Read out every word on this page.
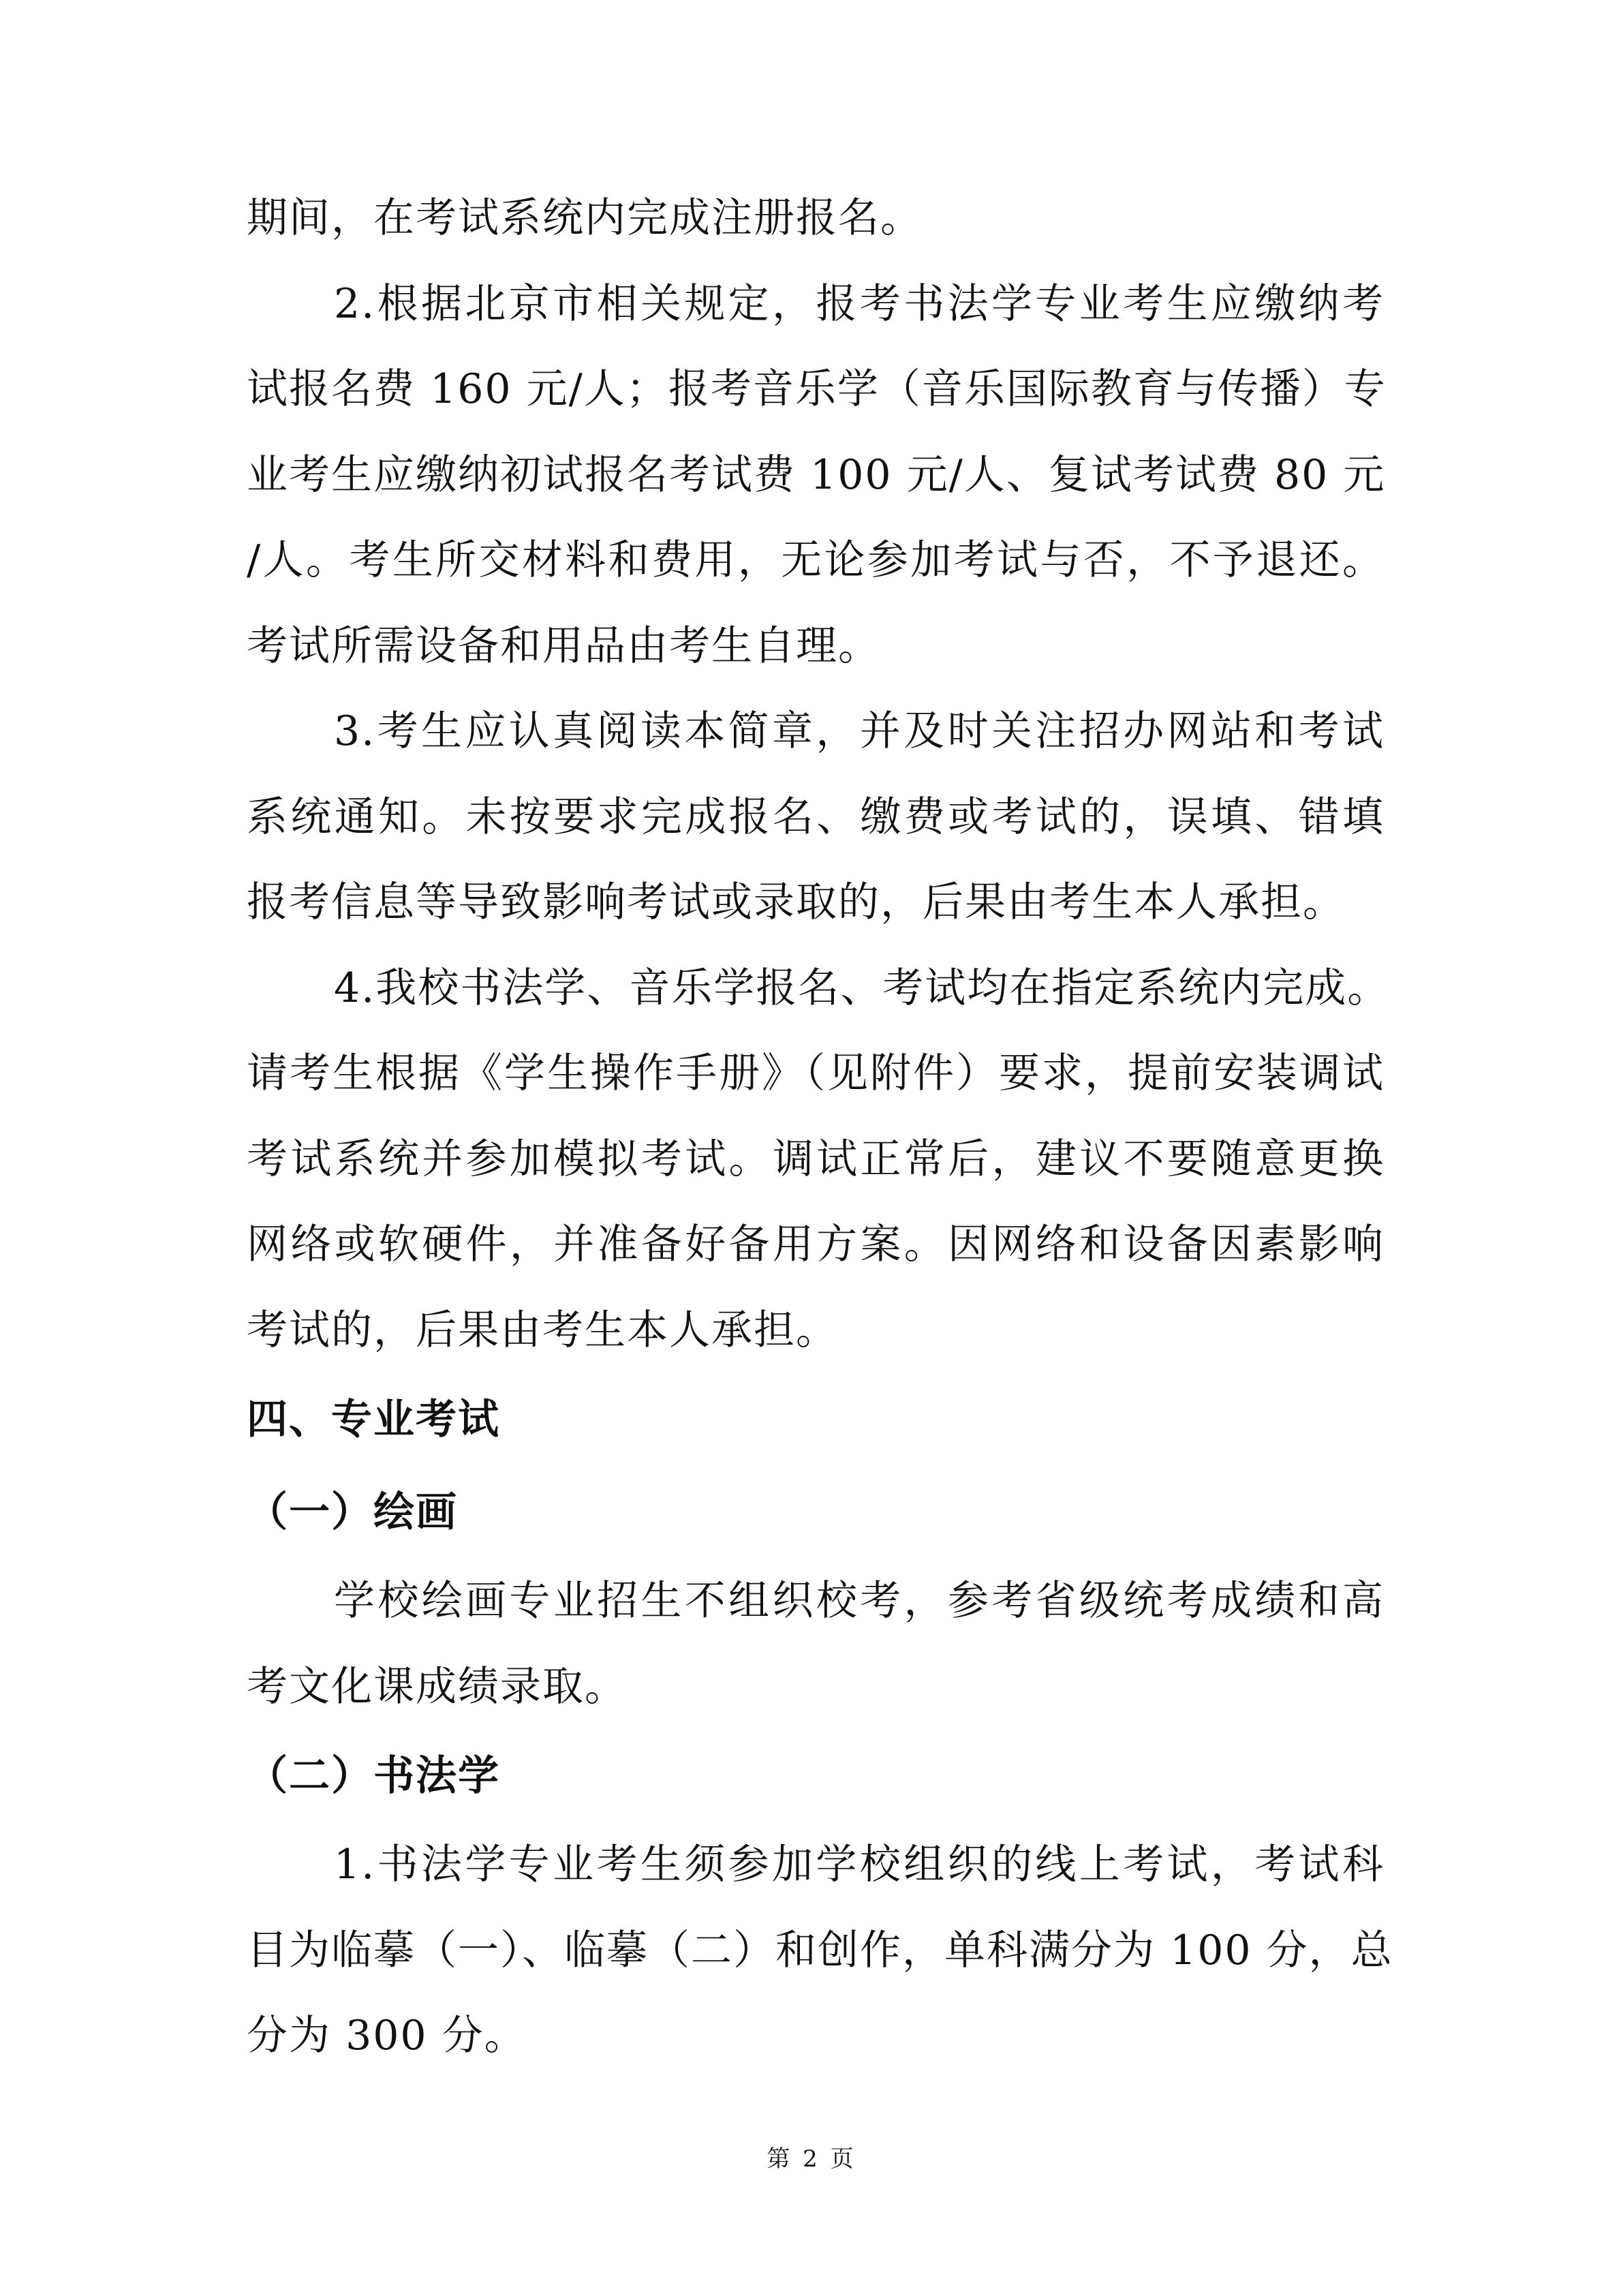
期间，在考试系统内完成注册报名。

2.根据北京市相关规定，报考书法学专业考生应缴纳考
试报名费 160 元/人；报考音乐学（音乐国际教育与传播）专
业考生应缴纳初试报名考试费 100 元/人、复试考试费 80 元
/人。考生所交材料和费用，无论参加考试与否，不予退还。
考试所需设备和用品由考生自理。

3.考生应认真阅读本简章，并及时关注招办网站和考试
系统通知。未按要求完成报名、缴费或考试的，误填、错填
报考信息等导致影响考试或录取的，后果由考生本人承担。

4.我校书法学、音乐学报名、考试均在指定系统内完成。
请考生根据《学生操作手册》（见附件）要求，提前安装调试
考试系统并参加模拟考试。调试正常后，建议不要随意更换
网络或软硬件，并准备好备用方案。因网络和设备因素影响
考试的，后果由考生本人承担。

四、专业考试
（一）绘画

学校绘画专业招生不组织校考，参考省级统考成绩和高
考文化课成绩录取。

（二）书法学

1.书法学专业考生须参加学校组织的线上考试，考试科
目为临摹（一）、临摹（二）和创作，单科满分为 100 分，总
分为 300 分。

第 2 页
